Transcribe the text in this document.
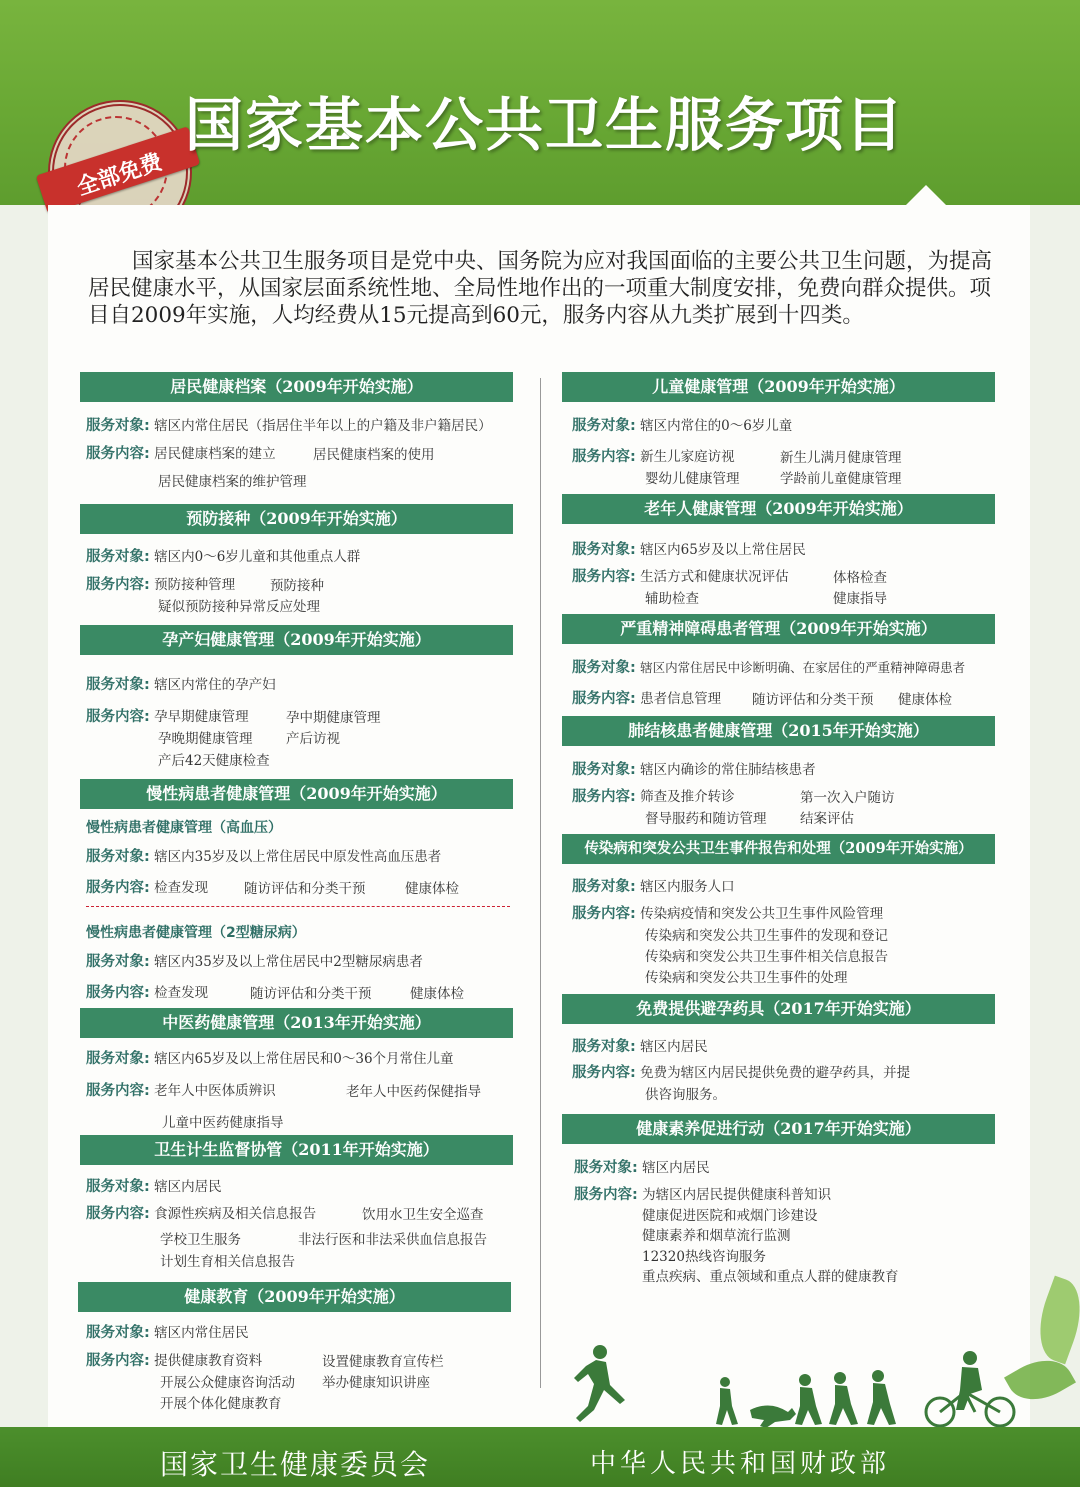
全部免费
国家基本公共卫生服务项目
国家基本公共卫生服务项目是党中央、国务院为应对我国面临的主要公共卫生问题，为提高居民健康水平，从国家层面系统性地、全局性地作出的一项重大制度安排，免费向群众提供。项目自2009年实施，人均经费从15元提高到60元，服务内容从九类扩展到十四类。
居民健康档案（2009年开始实施）
服务对象: 辖区内常住居民（指居住半年以上的户籍及非户籍居民）
服务内容: 居民健康档案的建立	居民健康档案的使用
居民健康档案的维护管理
预防接种（2009年开始实施）
服务对象: 辖区内0～6岁儿童和其他重点人群
服务内容: 预防接种管理	预防接种
疑似预防接种异常反应处理
孕产妇健康管理（2009年开始实施）
服务对象: 辖区内常住的孕产妇
服务内容: 孕早期健康管理	孕中期健康管理
孕晚期健康管理 产后访视
产后42天健康检查
慢性病患者健康管理（2009年开始实施）
慢性病患者健康管理（高血压）
服务对象: 辖区内35岁及以上常住居民中原发性高血压患者
服务内容: 检查发现	随访评估和分类干预	健康体检
慢性病患者健康管理（2型糖尿病）
服务对象: 辖区内35岁及以上常住居民中2型糖尿病患者
服务内容: 检查发现	随访评估和分类干预	健康体检
中医药健康管理（2013年开始实施）
服务对象: 辖区内65岁及以上常住居民和0～36个月常住儿童
服务内容: 老年人中医体质辨识	老年人中医药保健指导
儿童中医药健康指导
卫生计生监督协管（2011年开始实施）
服务对象: 辖区内居民
服务内容: 食源性疾病及相关信息报告	饮用水卫生安全巡查
学校卫生服务	非法行医和非法采供血信息报告
计划生育相关信息报告
健康教育（2009年开始实施）
服务对象: 辖区内常住居民
服务内容: 提供健康教育资料	设置健康教育宣传栏
开展公众健康咨询活动 举办健康知识讲座
开展个体化健康教育
儿童健康管理（2009年开始实施）
服务对象: 辖区内常住的0～6岁儿童
服务内容: 新生儿家庭访视	新生儿满月健康管理
婴幼儿健康管理	学龄前儿童健康管理
老年人健康管理（2009年开始实施）
服务对象: 辖区内65岁及以上常住居民
服务内容: 生活方式和健康状况评估	体格检查
辅助检查	健康指导
严重精神障碍患者管理（2009年开始实施）
服务对象: 辖区内常住居民中诊断明确、在家居住的严重精神障碍患者
服务内容: 患者信息管理 随访评估和分类干预 健康体检
肺结核患者健康管理（2015年开始实施）
服务对象: 辖区内确诊的常住肺结核患者
服务内容: 筛查及推介转诊	第一次入户随访
督导服药和随访管理 结案评估
传染病和突发公共卫生事件报告和处理（2009年开始实施）
服务对象: 辖区内服务人口
服务内容: 传染病疫情和突发公共卫生事件风险管理
传染病和突发公共卫生事件的发现和登记
传染病和突发公共卫生事件相关信息报告
传染病和突发公共卫生事件的处理
免费提供避孕药具（2017年开始实施）
服务对象: 辖区内居民
服务内容: 免费为辖区内居民提供免费的避孕药具，并提
供咨询服务。
健康素养促进行动（2017年开始实施）
服务对象: 辖区内居民
服务内容: 为辖区内居民提供健康科普知识
健康促进医院和戒烟门诊建设
健康素养和烟草流行监测
12320热线咨询服务
重点疾病、重点领域和重点人群的健康教育
国家卫生健康委员会	中华人民共和国财政部
